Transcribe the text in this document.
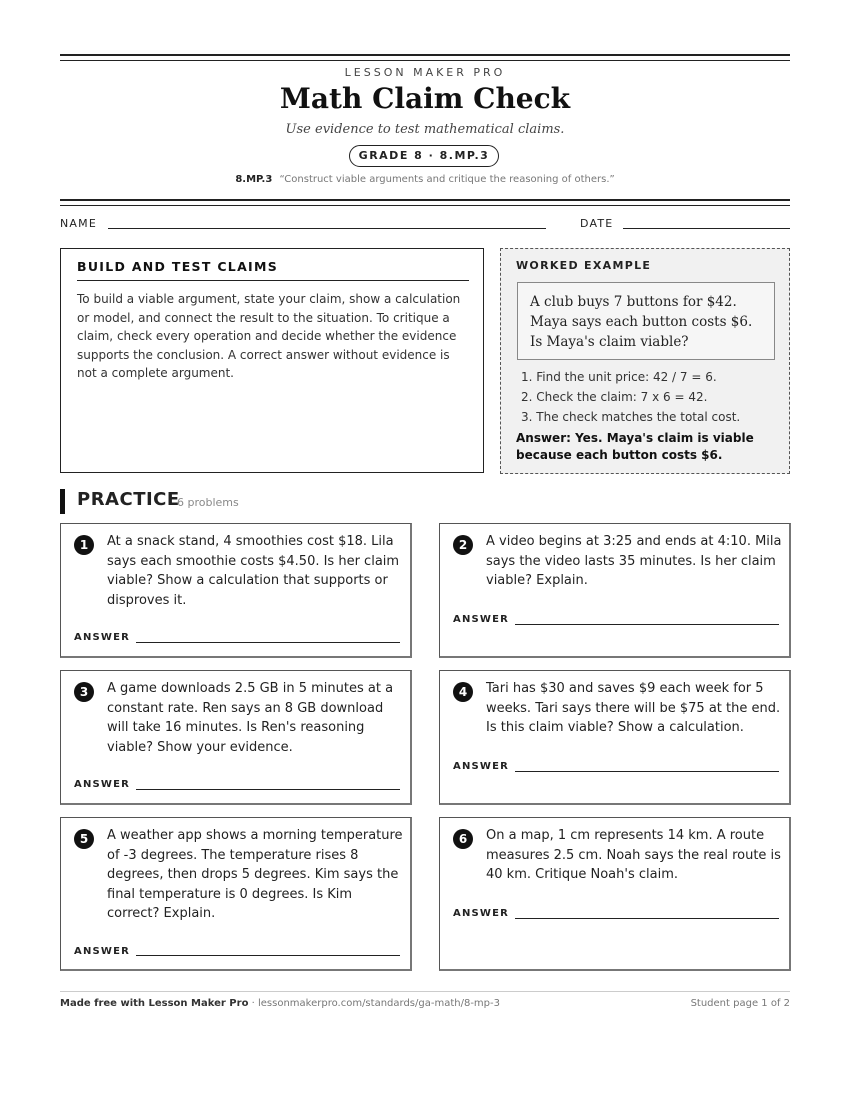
LESSON MAKER PRO
Math Claim Check
Use evidence to test mathematical claims.
GRADE 8 · 8.MP.3
8.MP.3 “Construct viable arguments and critique the reasoning of others.”
NAME	DATE
BUILD AND TEST CLAIMS
To build a viable argument, state your claim, show a calculation or model, and connect the result to the situation. To critique a claim, check every operation and decide whether the evidence supports the conclusion. A correct answer without evidence is not a complete argument.
WORKED EXAMPLE
A club buys 7 buttons for $42. Maya says each button costs $6. Is Maya's claim viable?
1. Find the unit price: 42 / 7 = 6.
2. Check the claim: 7 x 6 = 42.
3. The check matches the total cost.
Answer: Yes. Maya's claim is viable because each button costs $6.
PRACTICE
6 problems
1	At a snack stand, 4 smoothies cost $18. Lila says each smoothie costs $4.50. Is her claim viable? Show a calculation that supports or disproves it.
ANSWER
2	A video begins at 3:25 and ends at 4:10. Mila says the video lasts 35 minutes. Is her claim viable? Explain.
ANSWER
3	A game downloads 2.5 GB in 5 minutes at a constant rate. Ren says an 8 GB download will take 16 minutes. Is Ren's reasoning viable? Show your evidence.
ANSWER
4	Tari has $30 and saves $9 each week for 5 weeks. Tari says there will be $75 at the end. Is this claim viable? Show a calculation.
ANSWER
5	A weather app shows a morning temperature of -3 degrees. The temperature rises 8 degrees, then drops 5 degrees. Kim says the final temperature is 0 degrees. Is Kim correct? Explain.
ANSWER
6	On a map, 1 cm represents 14 km. A route measures 2.5 cm. Noah says the real route is 40 km. Critique Noah's claim.
ANSWER
Made free with Lesson Maker Pro · lessonmakerpro.com/standards/ga-math/8-mp-3	Student page 1 of 2
